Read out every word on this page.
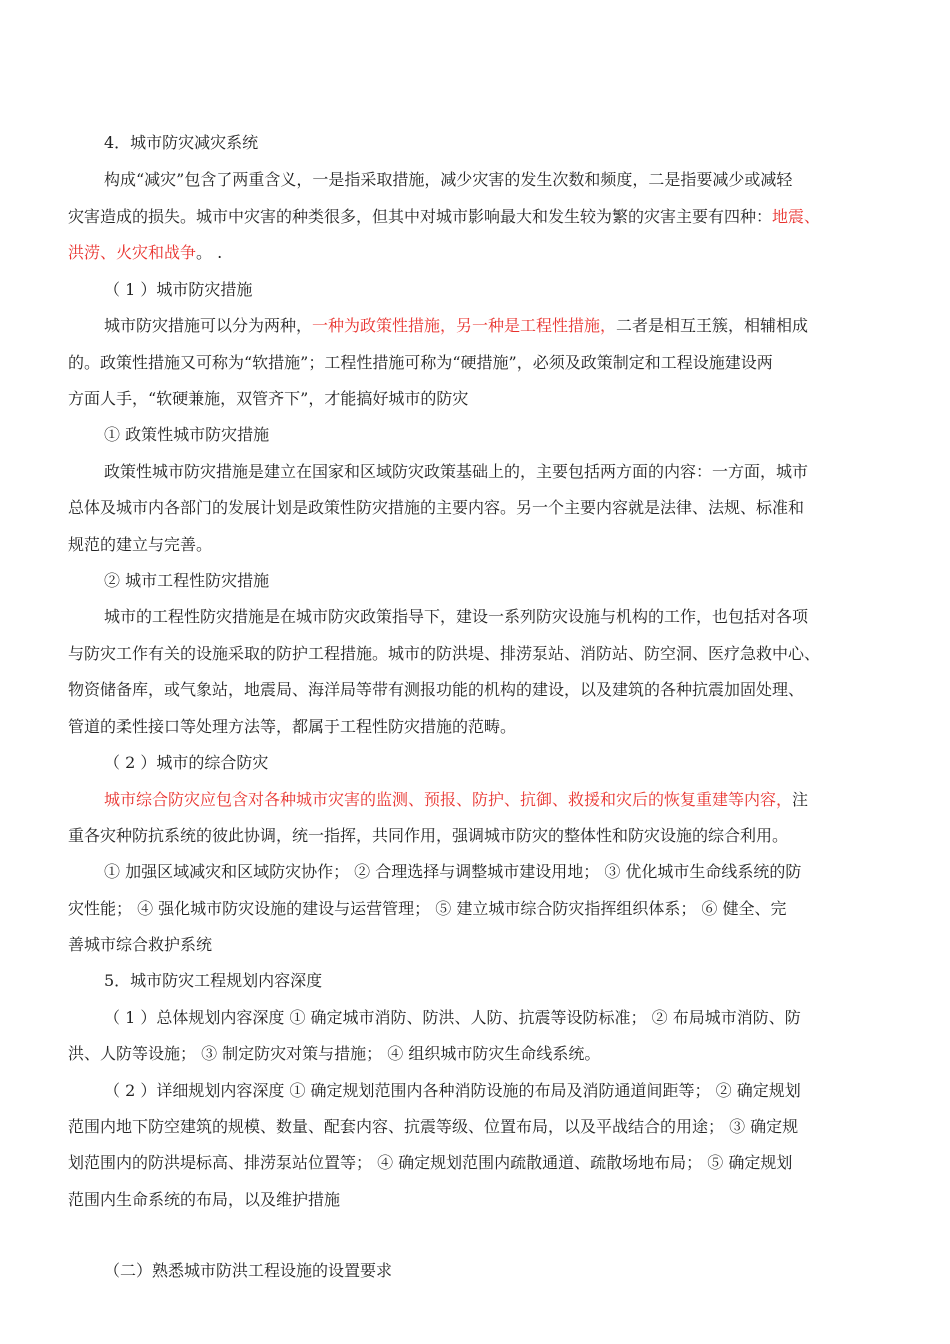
4．城市防灾减灾系统
构成“减灾”包含了两重含义，一是指采取措施，减少灾害的发生次数和频度，二是指要减少或减轻
灾害造成的损失。城市中灾害的种类很多，但其中对城市影响最大和发生较为繁的灾害主要有四种：地震、
洪涝、火灾和战争。 .
（ 1 ）城市防灾措施
城市防灾措施可以分为两种，一种为政策性措施，另一种是工程性措施，二者是相互王簇，相辅相成
的。政策性措施又可称为“软措施”；工程性措施可称为“硬措施”，必须及政策制定和工程设施建设两
方面人手，“软硬兼施，双管齐下”，才能搞好城市的防灾
① 政策性城市防灾措施
政策性城市防灾措施是建立在国家和区域防灾政策基础上的，主要包括两方面的内容：一方面，城市
总体及城市内各部门的发展计划是政策性防灾措施的主要内容。另一个主要内容就是法律、法规、标准和
规范的建立与完善。
② 城市工程性防灾措施
城市的工程性防灾措施是在城市防灾政策指导下，建设一系列防灾设施与机构的工作，也包括对各项
与防灾工作有关的设施采取的防护工程措施。城市的防洪堤、排涝泵站、消防站、防空洞、医疗急救中心、
物资储备库，或气象站，地震局、海洋局等带有测报功能的机构的建设，以及建筑的各种抗震加固处理、
管道的柔性接口等处理方法等，都属于工程性防灾措施的范畴。
（ 2 ）城市的综合防灾
城市综合防灾应包含对各种城市灾害的监测、预报、防护、抗御、救援和灾后的恢复重建等内容，注
重各灾种防抗系统的彼此协调，统一指挥，共同作用，强调城市防灾的整体性和防灾设施的综合利用。
① 加强区域减灾和区域防灾协作； ② 合理选择与调整城市建设用地； ③ 优化城市生命线系统的防
灾性能； ④ 强化城市防灾设施的建设与运营管理； ⑤ 建立城市综合防灾指挥组织体系； ⑥ 健全、完
善城市综合救护系统
5．城市防灾工程规划内容深度
（ 1 ）总体规划内容深度 ① 确定城市消防、防洪、人防、抗震等设防标准； ② 布局城市消防、防
洪、人防等设施； ③ 制定防灾对策与措施； ④ 组织城市防灾生命线系统。
（ 2 ）详细规划内容深度 ① 确定规划范围内各种消防设施的布局及消防通道间距等； ② 确定规划
范围内地下防空建筑的规模、数量、配套内容、抗震等级、位置布局，以及平战结合的用途； ③ 确定规
划范围内的防洪堤标高、排涝泵站位置等； ④ 确定规划范围内疏散通道、疏散场地布局； ⑤ 确定规划
范围内生命系统的布局，以及维护措施
（二）熟悉城市防洪工程设施的设置要求
